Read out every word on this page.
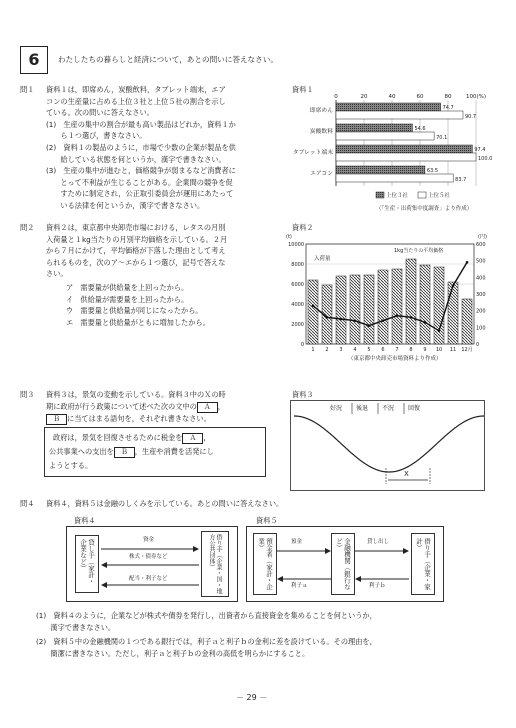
6	わたしたちの暮らしと経済について，あとの問いに答えなさい。
問１ 資料１は，即席めん，炭酸飲料，タブレット端末，エア
コンの生産量に占める上位３社と上位５社の割合を示し
ている。次の問いに答えなさい。
(1)　生産の集中の割合が最も高い製品はどれか，資料１か
　　ら１つ選び，書きなさい。
(2)　資料１の製品のように，市場で少数の企業が製品を供
　　給している状態を何というか，漢字で書きなさい。
(3)　生産の集中が進むと，価格競争が弱まるなど消費者に
　　とって不利益が生じることがある。企業間の競争を促
　　すために制定され，公正取引委員会が運用にあたって
　　いる法律を何というか，漢字で書きなさい。
資料１
0	20	40	60	80	100(%)
即席めん	74.7
90.7
炭酸飲料	54.6
70.1
タブレット端末	97.4
100.0
エアコン	63.5
83.7
上位３社	上位５社
（「生産・出荷集中度調査」より作成）
問２ 資料２は，東京都中央卸売市場における，レタスの月別
入荷量と１kg当たりの月別平均価格を示している。２月
から７月にかけて，平均価格が下落した理由として考え
られるものを，次のア～エから１つ選び，記号で答えな
さい。
ア　 需要量が供給量を上回ったから。
イ　 供給量が需要量を上回ったから。
ウ　 需要量と供給量が同じになったから。
エ　 需要量と供給量がともに増加したから。
資料２
(t)	(円)
10000
8000
6000
4000
2000
0
600
500
400
300
200
100
0
1 2 3 4 5 6 7 8 9 10 11 12月
入荷量
1kg当たりの平均価格
（東京都中央卸売市場資料より作成）
問３ 資料３は，景気の変動を示している。資料３中のＸの時
期に政府が行う政策について述べた次の文中の Ａ ，
Ｂ に当てはまる語句を，それぞれ書きなさい。
政府は，景気を回復させるために税金を Ａ ，
公共事業への支出を Ｂ ，生産や消費を活発にし
ようとする。
資料３
好況 後退 不況 回復
X
問４ 資料４，資料５は金融のしくみを示している。あとの問いに答えなさい。
資料４
貸し手（家計・企業など）	借り手（企業・国・地方公共団体）
資金
株式・債券など
配当・利子など
資料５
預金者（家計・企業）	金融機関（銀行など）	借り手（企業・家計）
預金	貸し出し
利子ａ	利子ｂ
(1)　資料４のように，企業などが株式や債券を発行し，出資者から直接資金を集めることを何というか，
　　漢字で書きなさい。
(2)　資料５中の金融機関の１つである銀行では，利子ａと利子ｂの金利に差を設けている。その理由を，
　　簡潔に書きなさい。ただし，利子ａと利子ｂの金利の高低を明らかにすること。
－ 29 －
